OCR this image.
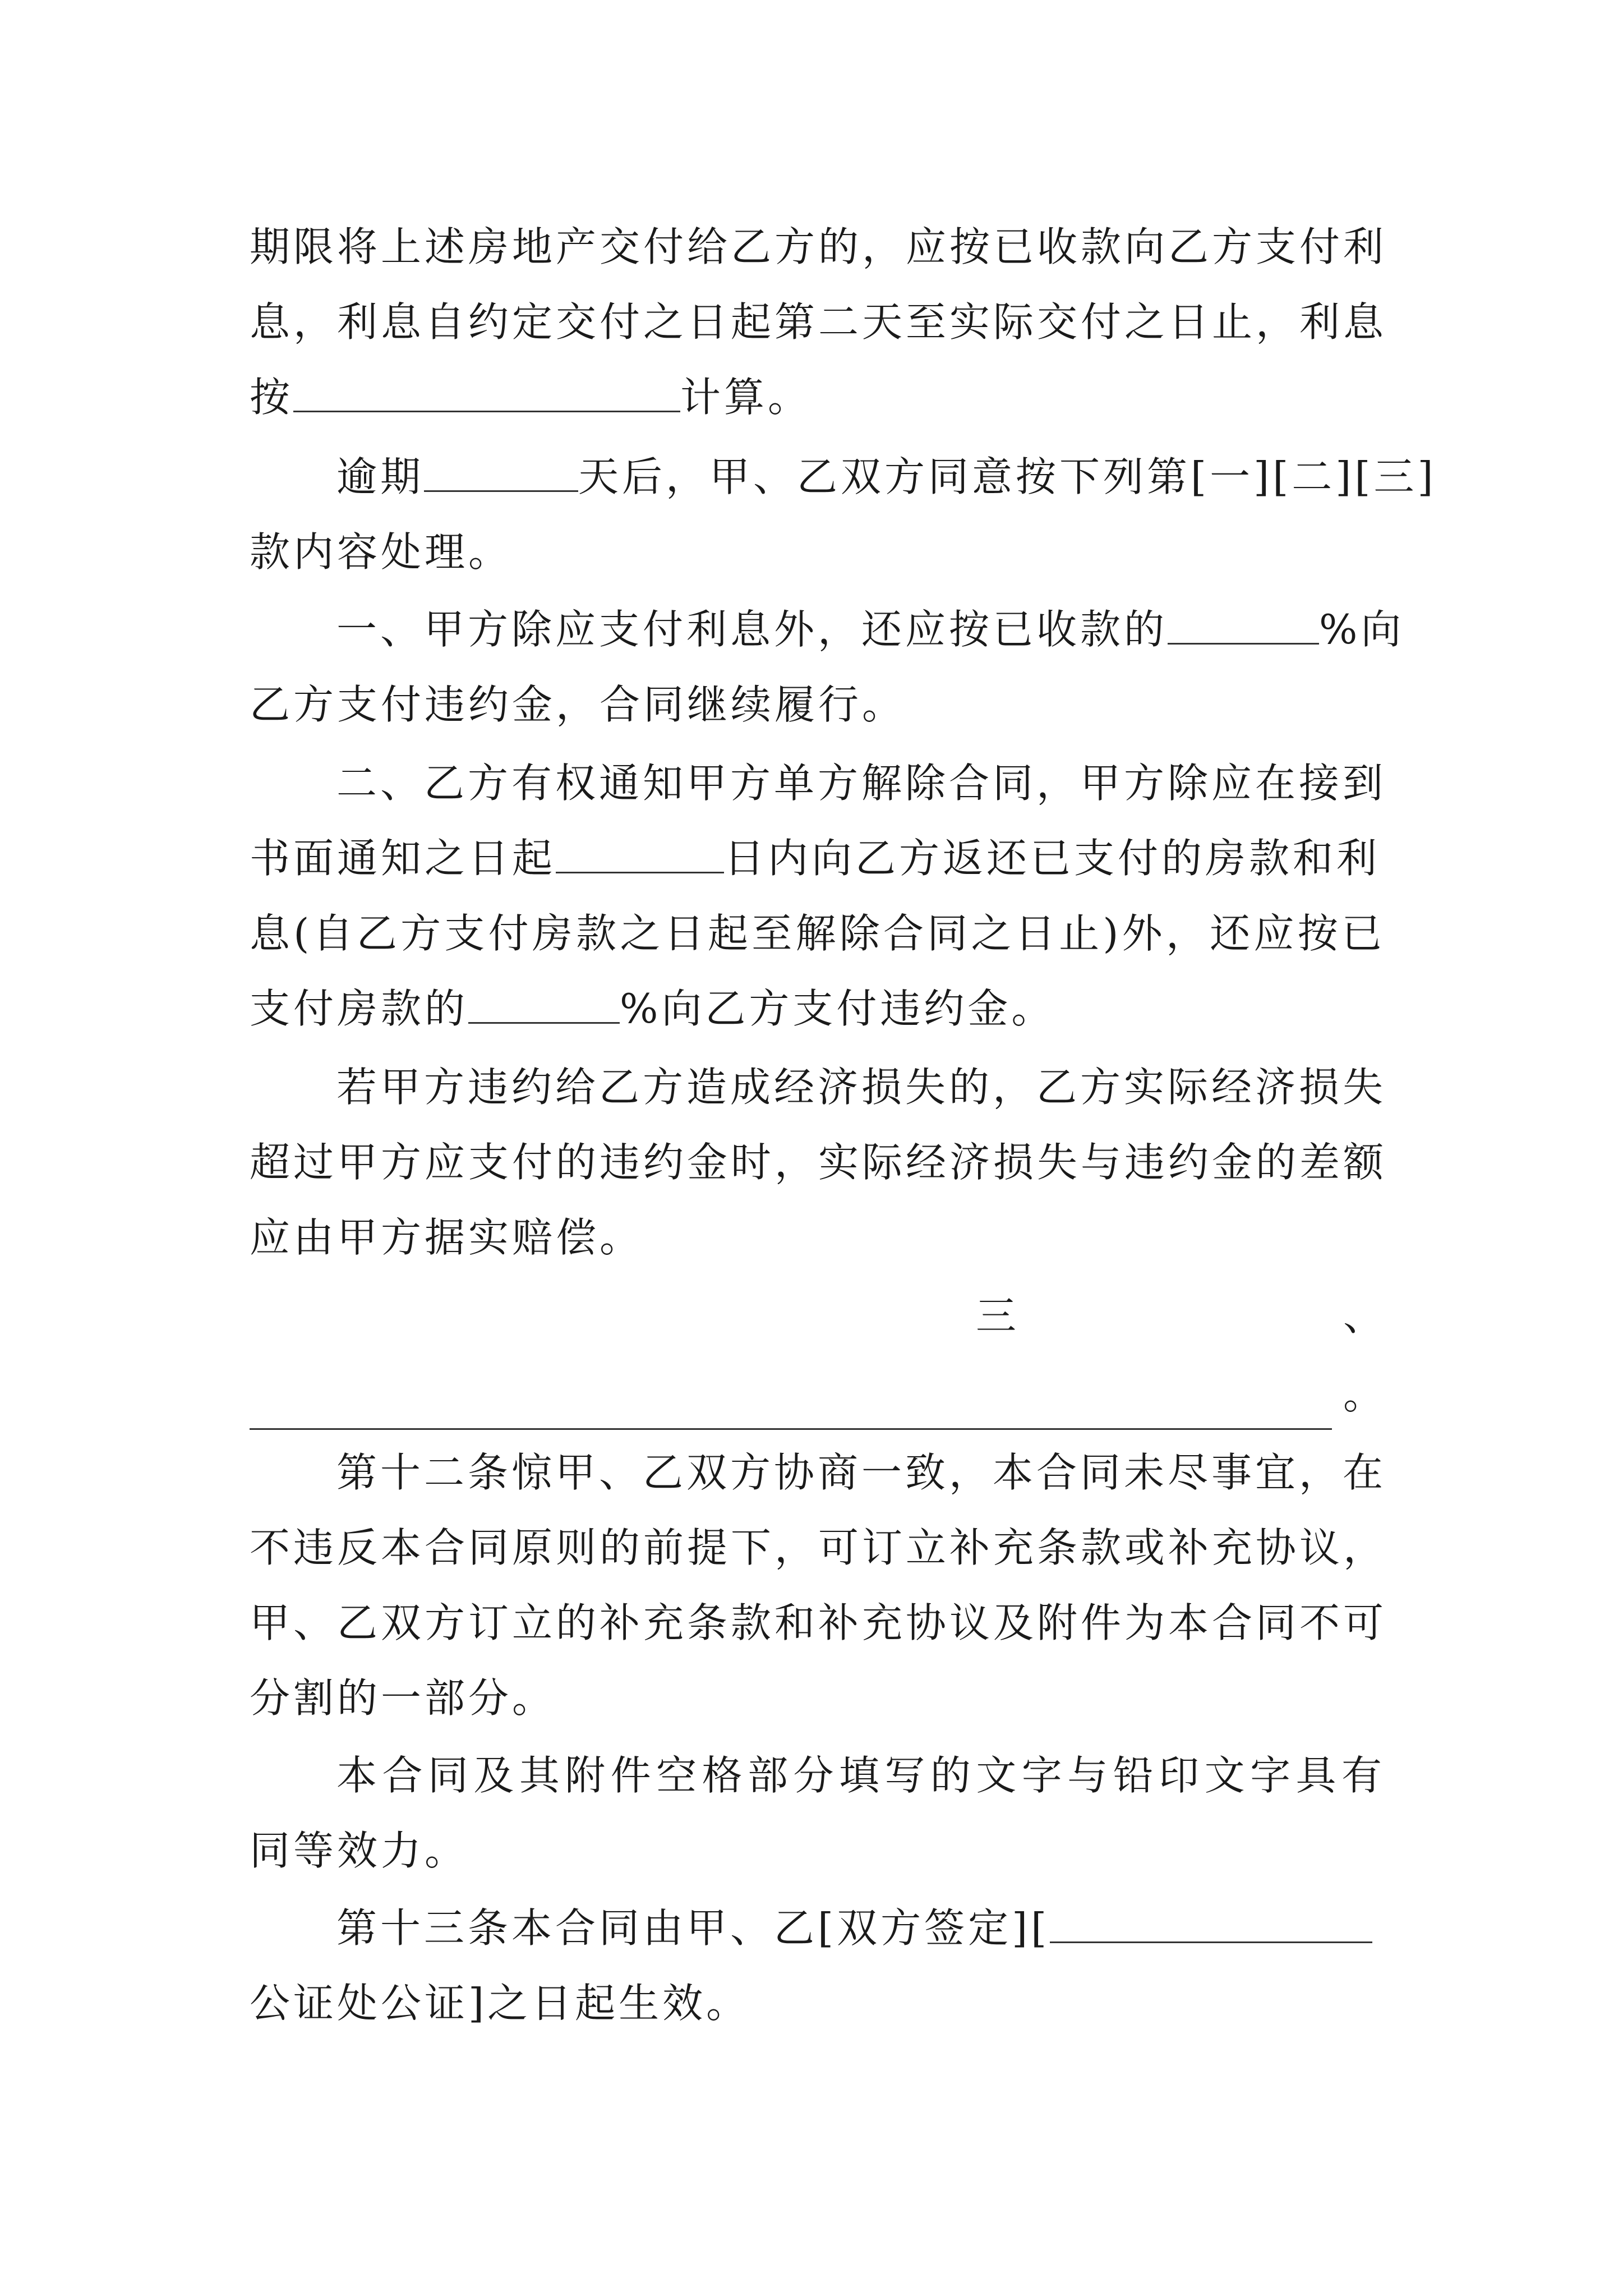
期限将上述房地产交付给乙方的，应按已收款向乙方支付利
息，利息自约定交付之日起第二天至实际交付之日止，利息
按	计算。
逾期	天后，甲、乙双方同意按下列第[一][二][三]
款内容处理。
一、甲方除应支付利息外，还应按已收款的	%向
乙方支付违约金，合同继续履行。
二、乙方有权通知甲方单方解除合同，甲方除应在接到
书面通知之日起	日内向乙方返还已支付的房款和利
息(自乙方支付房款之日起至解除合同之日止)外，还应按已
支付房款的	%向乙方支付违约金。
若甲方违约给乙方造成经济损失的，乙方实际经济损失
超过甲方应支付的违约金时，实际经济损失与违约金的差额
应由甲方据实赔偿。
三	、
。
第十二条惊甲、乙双方协商一致，本合同未尽事宜，在
不违反本合同原则的前提下，可订立补充条款或补充协议，
甲、乙双方订立的补充条款和补充协议及附件为本合同不可
分割的一部分。
本合同及其附件空格部分填写的文字与铅印文字具有
同等效力。
第十三条本合同由甲、乙[双方签定][
公证处公证]之日起生效。
